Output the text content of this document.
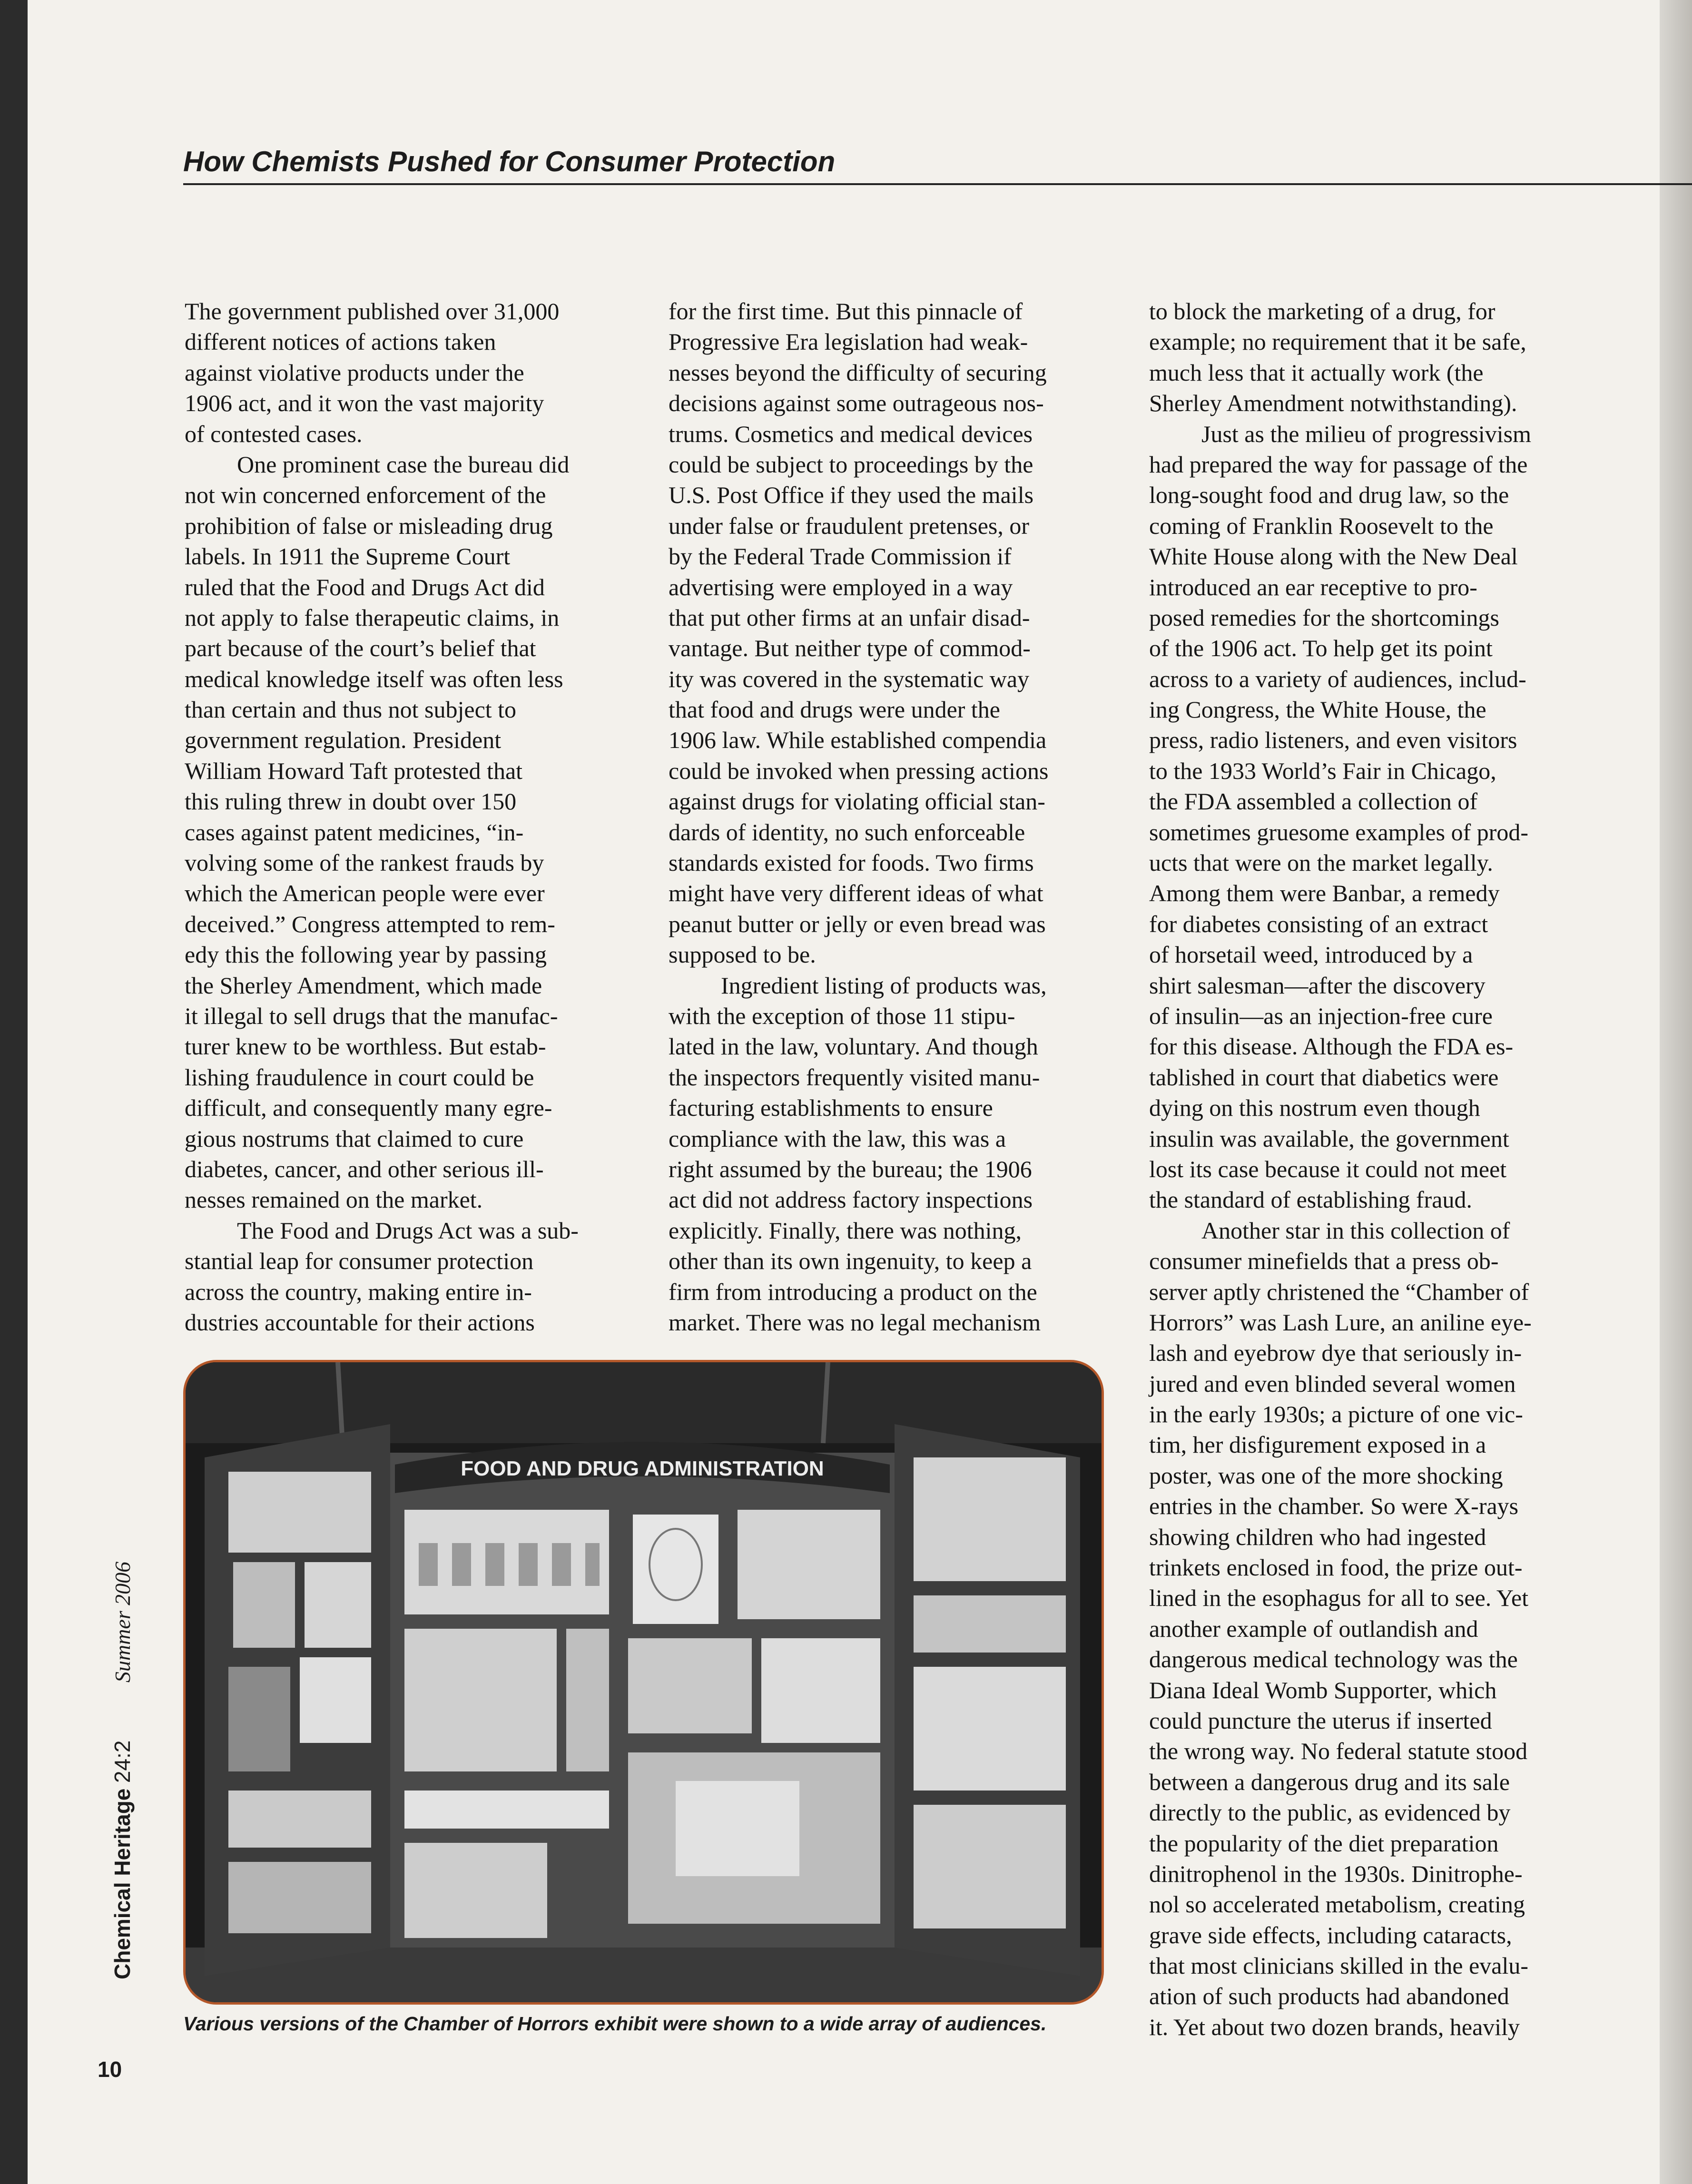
How Chemists Pushed for Consumer Protection
The government published over 31,000
different notices of actions taken
against violative products under the
1906 act, and it won the vast majority
of contested cases.
One prominent case the bureau did
not win concerned enforcement of the
prohibition of false or misleading drug
labels. In 1911 the Supreme Court
ruled that the Food and Drugs Act did
not apply to false therapeutic claims, in
part because of the court’s belief that
medical knowledge itself was often less
than certain and thus not subject to
government regulation. President
William Howard Taft protested that
this ruling threw in doubt over 150
cases against patent medicines, “in-
volving some of the rankest frauds by
which the American people were ever
deceived.” Congress attempted to rem-
edy this the following year by passing
the Sherley Amendment, which made
it illegal to sell drugs that the manufac-
turer knew to be worthless. But estab-
lishing fraudulence in court could be
difficult, and consequently many egre-
gious nostrums that claimed to cure
diabetes, cancer, and other serious ill-
nesses remained on the market.
The Food and Drugs Act was a sub-
stantial leap for consumer protection
across the country, making entire in-
dustries accountable for their actions
for the first time. But this pinnacle of
Progressive Era legislation had weak-
nesses beyond the difficulty of securing
decisions against some outrageous nos-
trums. Cosmetics and medical devices
could be subject to proceedings by the
U.S. Post Office if they used the mails
under false or fraudulent pretenses, or
by the Federal Trade Commission if
advertising were employed in a way
that put other firms at an unfair disad-
vantage. But neither type of commod-
ity was covered in the systematic way
that food and drugs were under the
1906 law. While established compendia
could be invoked when pressing actions
against drugs for violating official stan-
dards of identity, no such enforceable
standards existed for foods. Two firms
might have very different ideas of what
peanut butter or jelly or even bread was
supposed to be.
Ingredient listing of products was,
with the exception of those 11 stipu-
lated in the law, voluntary. And though
the inspectors frequently visited manu-
facturing establishments to ensure
compliance with the law, this was a
right assumed by the bureau; the 1906
act did not address factory inspections
explicitly. Finally, there was nothing,
other than its own ingenuity, to keep a
firm from introducing a product on the
market. There was no legal mechanism
to block the marketing of a drug, for
example; no requirement that it be safe,
much less that it actually work (the
Sherley Amendment notwithstanding).
Just as the milieu of progressivism
had prepared the way for passage of the
long-sought food and drug law, so the
coming of Franklin Roosevelt to the
White House along with the New Deal
introduced an ear receptive to pro-
posed remedies for the shortcomings
of the 1906 act. To help get its point
across to a variety of audiences, includ-
ing Congress, the White House, the
press, radio listeners, and even visitors
to the 1933 World’s Fair in Chicago,
the FDA assembled a collection of
sometimes gruesome examples of prod-
ucts that were on the market legally.
Among them were Banbar, a remedy
for diabetes consisting of an extract
of horsetail weed, introduced by a
shirt salesman—after the discovery
of insulin—as an injection-free cure
for this disease. Although the FDA es-
tablished in court that diabetics were
dying on this nostrum even though
insulin was available, the government
lost its case because it could not meet
the standard of establishing fraud.
Another star in this collection of
consumer minefields that a press ob-
server aptly christened the “Chamber of
Horrors” was Lash Lure, an aniline eye-
lash and eyebrow dye that seriously in-
jured and even blinded several women
in the early 1930s; a picture of one vic-
tim, her disfigurement exposed in a
poster, was one of the more shocking
entries in the chamber. So were X-rays
showing children who had ingested
trinkets enclosed in food, the prize out-
lined in the esophagus for all to see. Yet
another example of outlandish and
dangerous medical technology was the
Diana Ideal Womb Supporter, which
could puncture the uterus if inserted
the wrong way. No federal statute stood
between a dangerous drug and its sale
directly to the public, as evidenced by
the popularity of the diet preparation
dinitrophenol in the 1930s. Dinitrophe-
nol so accelerated metabolism, creating
grave side effects, including cataracts,
that most clinicians skilled in the evalu-
ation of such products had abandoned
it. Yet about two dozen brands, heavily
FOOD AND DRUG ADMINISTRATION

Various versions of the Chamber of Horrors exhibit were shown to a wide array of audiences.

Chemical Heritage 24:2 Summer 2006

10
